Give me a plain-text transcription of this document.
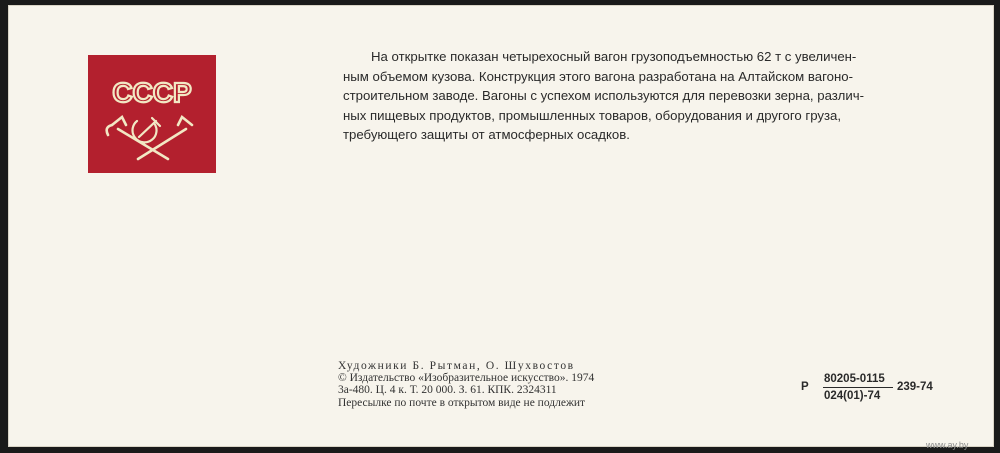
СССР
На открытке показан четырехосный вагон грузоподъемностью 62 т с увеличен-
ным объемом кузова. Конструкция этого вагона разработана на Алтайском вагоно-
строительном заводе. Вагоны с успехом используются для перевозки зерна, различ-
ных пищевых продуктов, промышленных товаров, оборудования и другого груза,
требующего защиты от атмосферных осадков.
Художники Б. Рытман, О. Шухвостов
© Издательство «Изобразительное искусство». 1974
3а-480. Ц. 4 к. Т. 20 000. З. 61. КПК. 2324311
Пересылке по почте в открытом виде не подлежит
Р
80205-0115
024(01)-74
239-74
www.ay.by
